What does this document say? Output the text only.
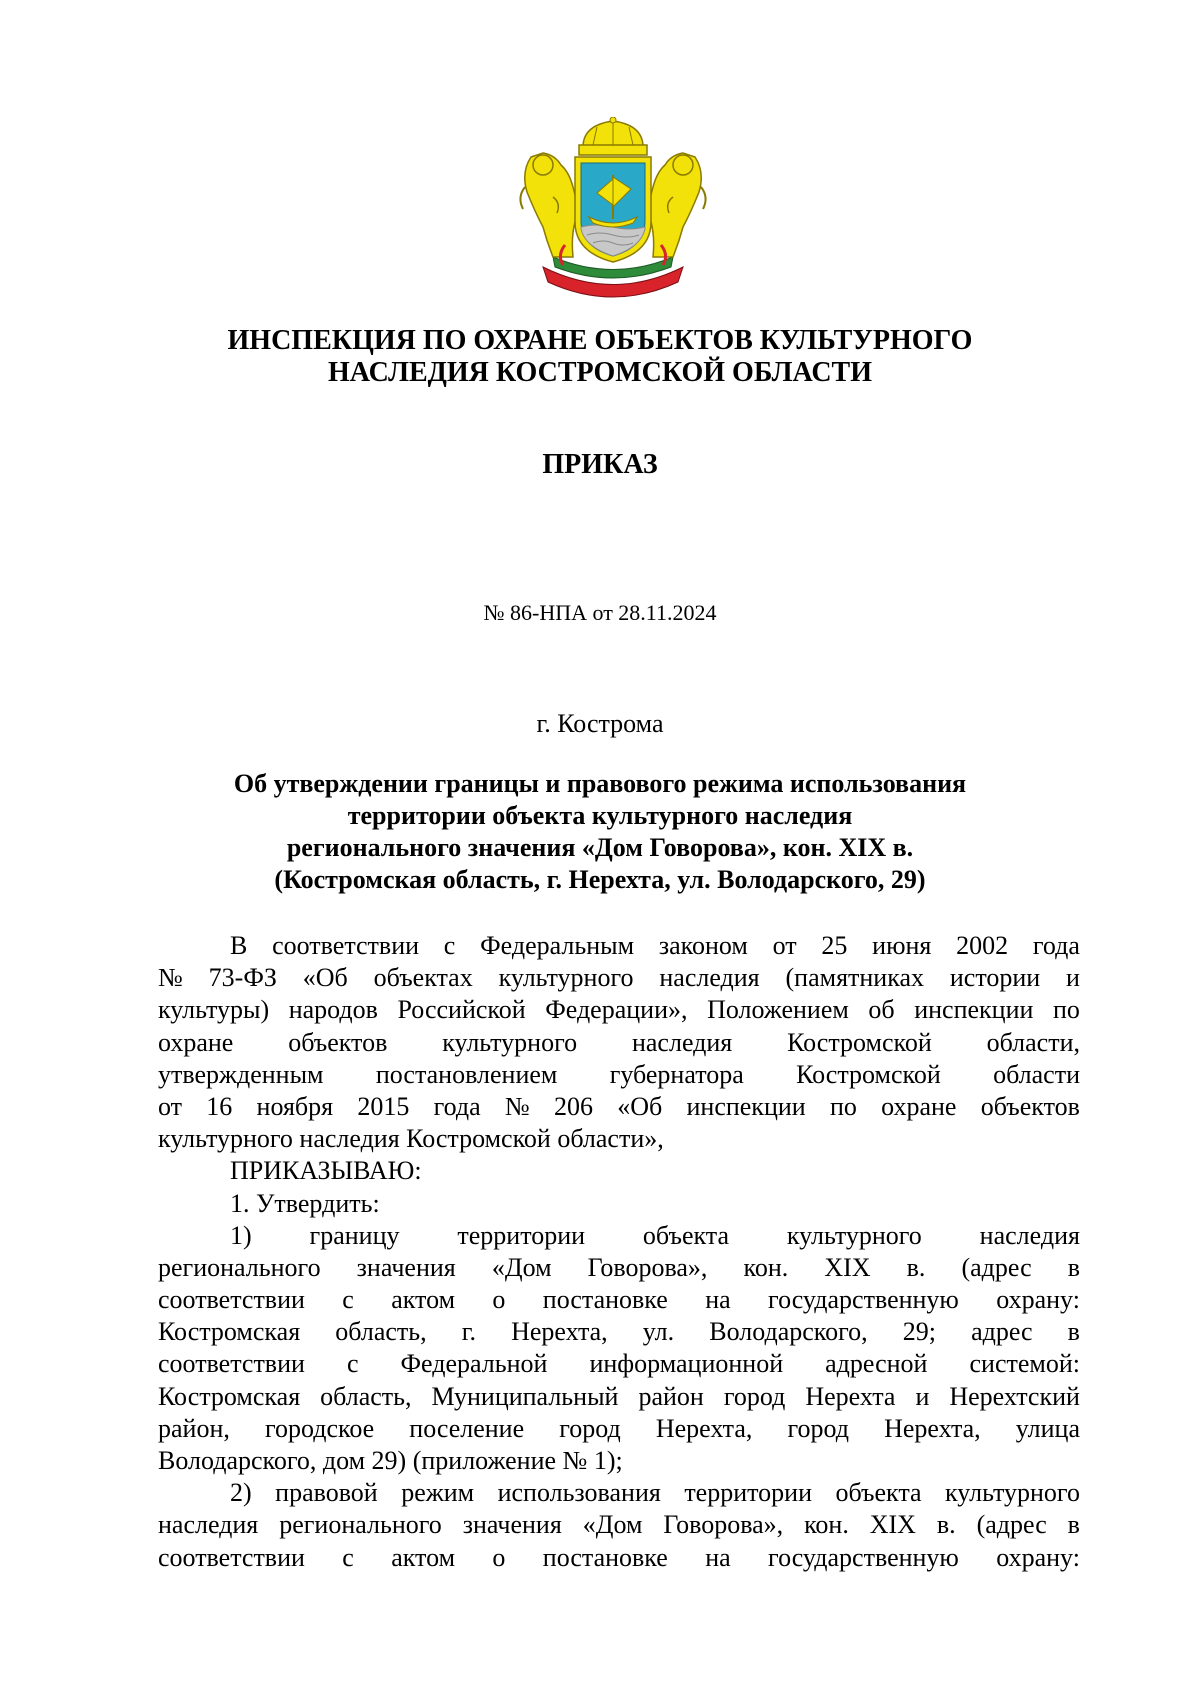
ИНСПЕКЦИЯ ПО ОХРАНЕ ОБЪЕКТОВ КУЛЬТУРНОГО
НАСЛЕДИЯ КОСТРОМСКОЙ ОБЛАСТИ
ПРИКАЗ
№ 86-НПА от 28.11.2024
г. Кострома
Об утверждении границы и правового режима использования
территории объекта культурного наследия
регионального значения «Дом Говорова», кон. XIX в.
(Костромская область, г. Нерехта, ул. Володарского, 29)
В соответствии с Федеральным законом от 25 июня 2002 года
№ 73-ФЗ «Об объектах культурного наследия (памятниках истории и
культуры) народов Российской Федерации», Положением об инспекции по
охране объектов культурного наследия Костромской области,
утвержденным постановлением губернатора Костромской области
от 16 ноября 2015 года № 206 «Об инспекции по охране объектов
культурного наследия Костромской области»,
ПРИКАЗЫВАЮ:
1. Утвердить:
1) границу территории объекта культурного наследия
регионального значения «Дом Говорова», кон. XIX в. (адрес в
соответствии с актом о постановке на государственную охрану:
Костромская область, г. Нерехта, ул. Володарского, 29; адрес в
соответствии с Федеральной информационной адресной системой:
Костромская область, Муниципальный район город Нерехта и Нерехтский
район, городское поселение город Нерехта, город Нерехта, улица
Володарского, дом 29) (приложение № 1);
2) правовой режим использования территории объекта культурного
наследия регионального значения «Дом Говорова», кон. XIX в. (адрес в
соответствии с актом о постановке на государственную охрану:
